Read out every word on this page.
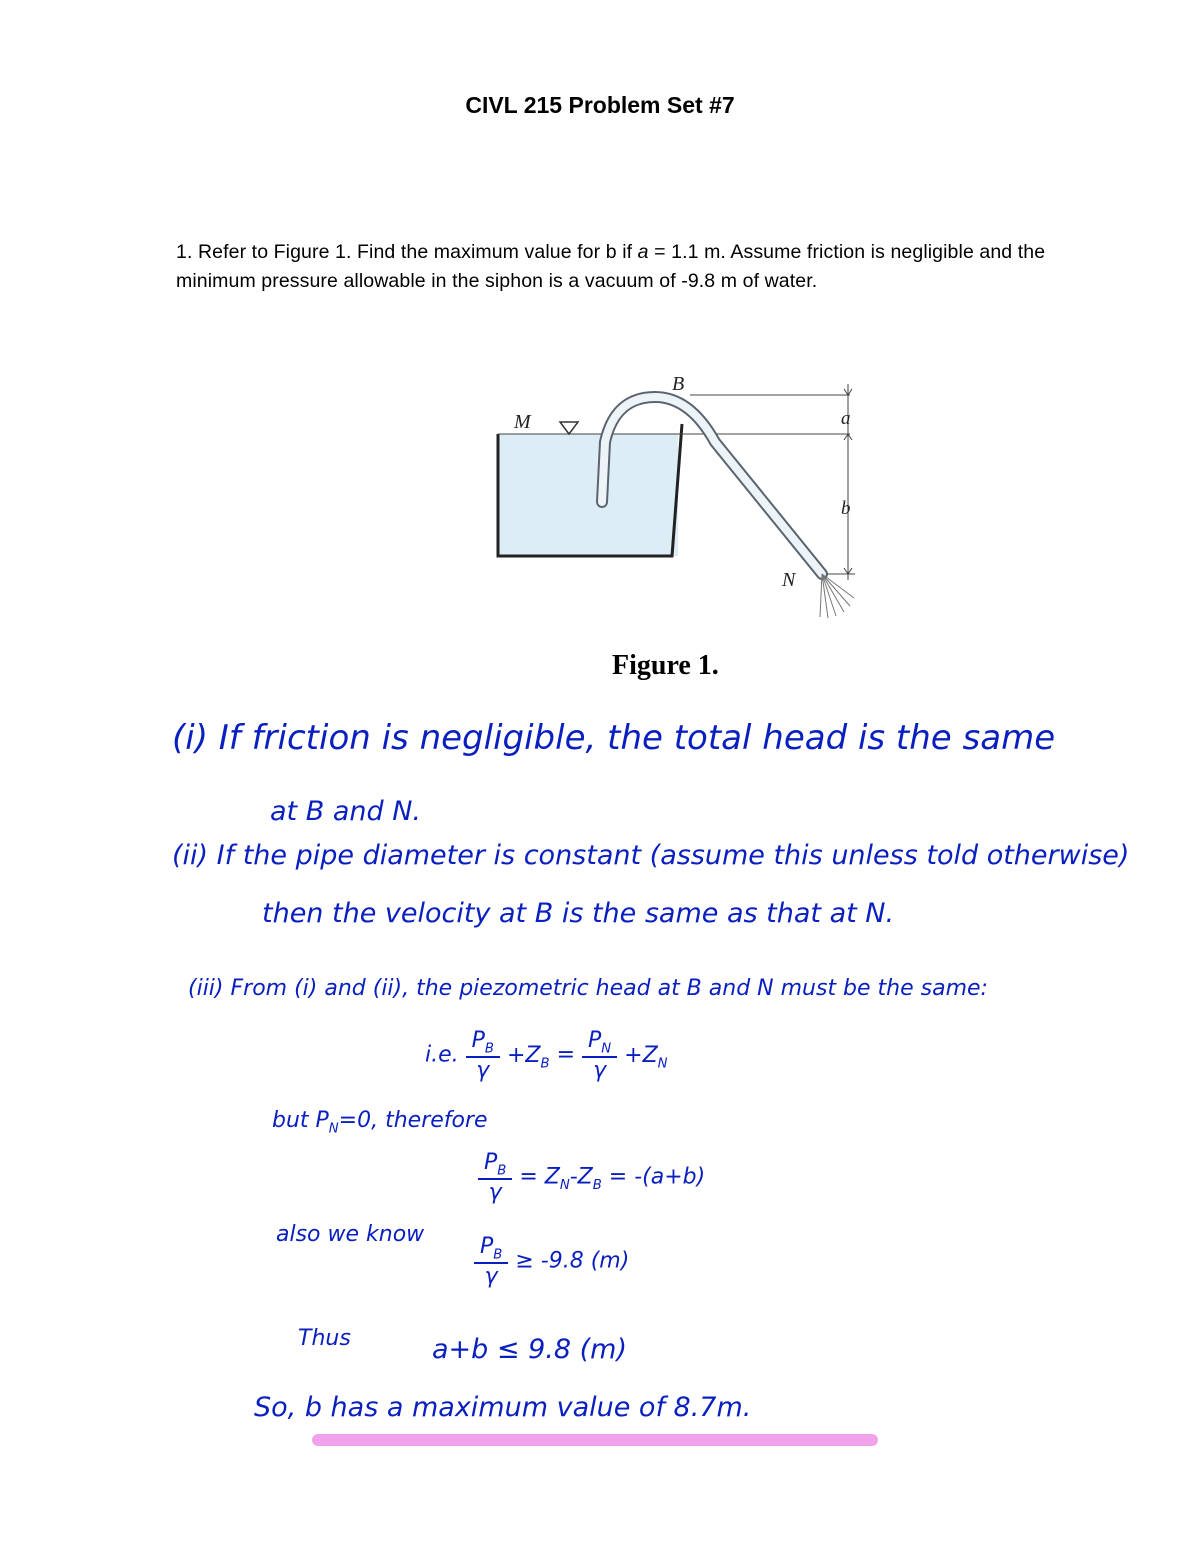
CIVL 215 Problem Set #7
1. Refer to Figure 1. Find the maximum value for b if a = 1.1 m. Assume friction is negligible and the minimum pressure allowable in the siphon is a vacuum of -9.8 m of water.
B
M
N
a
b
Figure 1.
(i) If friction is negligible, the total head is the same
at B and N.
(ii) If the pipe diameter is constant (assume this unless told otherwise)
then the velocity at B is the same as that at N.
(iii) From (i) and (ii), the piezometric head at B and N must be the same:
i.e. $\frac{P_B}{\gamma} +Z_B = \frac{P_N}{\gamma} +Z_N$
but $P_N=0$, therefore
$\frac{P_B}{\gamma} = Z_N-Z_B = -(a+b)$
also we know $\frac{P_B}{\gamma} \ge -9.8$ (m)
Thus	a+b ≤ 9.8 (m)
So, b has a maximum value of 8.7m.
